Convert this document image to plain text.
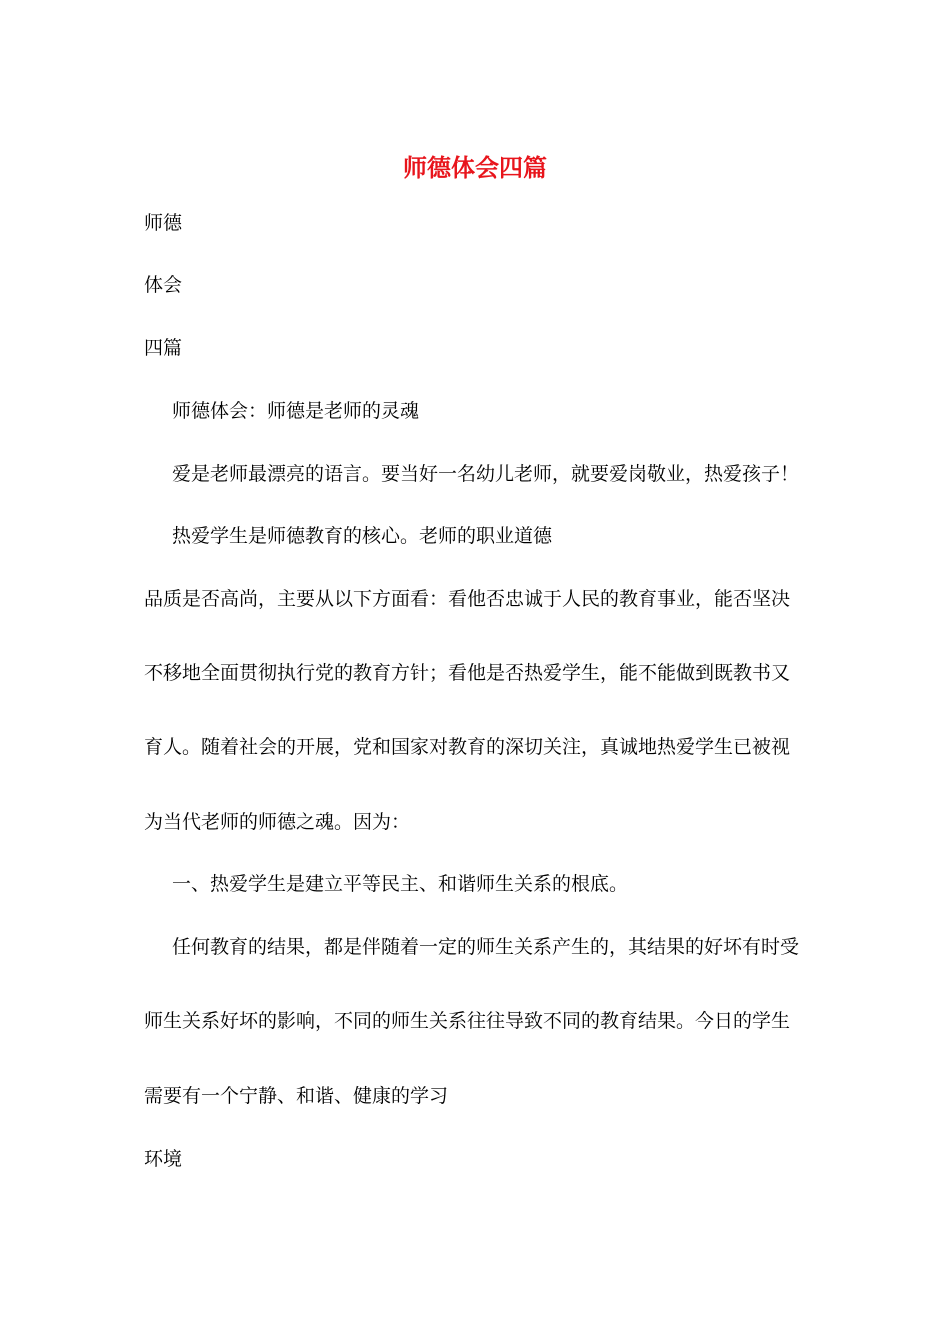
师德体会四篇

师德

体会

四篇

师德体会：师德是老师的灵魂

爱是老师最漂亮的语言。要当好一名幼儿老师，就要爱岗敬业，热爱孩子！

热爱学生是师德教育的核心。老师的职业道德

品质是否高尚，主要从以下方面看：看他否忠诚于人民的教育事业，能否坚决

不移地全面贯彻执行党的教育方针；看他是否热爱学生，能不能做到既教书又

育人。随着社会的开展，党和国家对教育的深切关注，真诚地热爱学生已被视

为当代老师的师德之魂。因为：

一、热爱学生是建立平等民主、和谐师生关系的根底。

任何教育的结果，都是伴随着一定的师生关系产生的，其结果的好坏有时受

师生关系好坏的影响，不同的师生关系往往导致不同的教育结果。今日的学生

需要有一个宁静、和谐、健康的学习

环境
